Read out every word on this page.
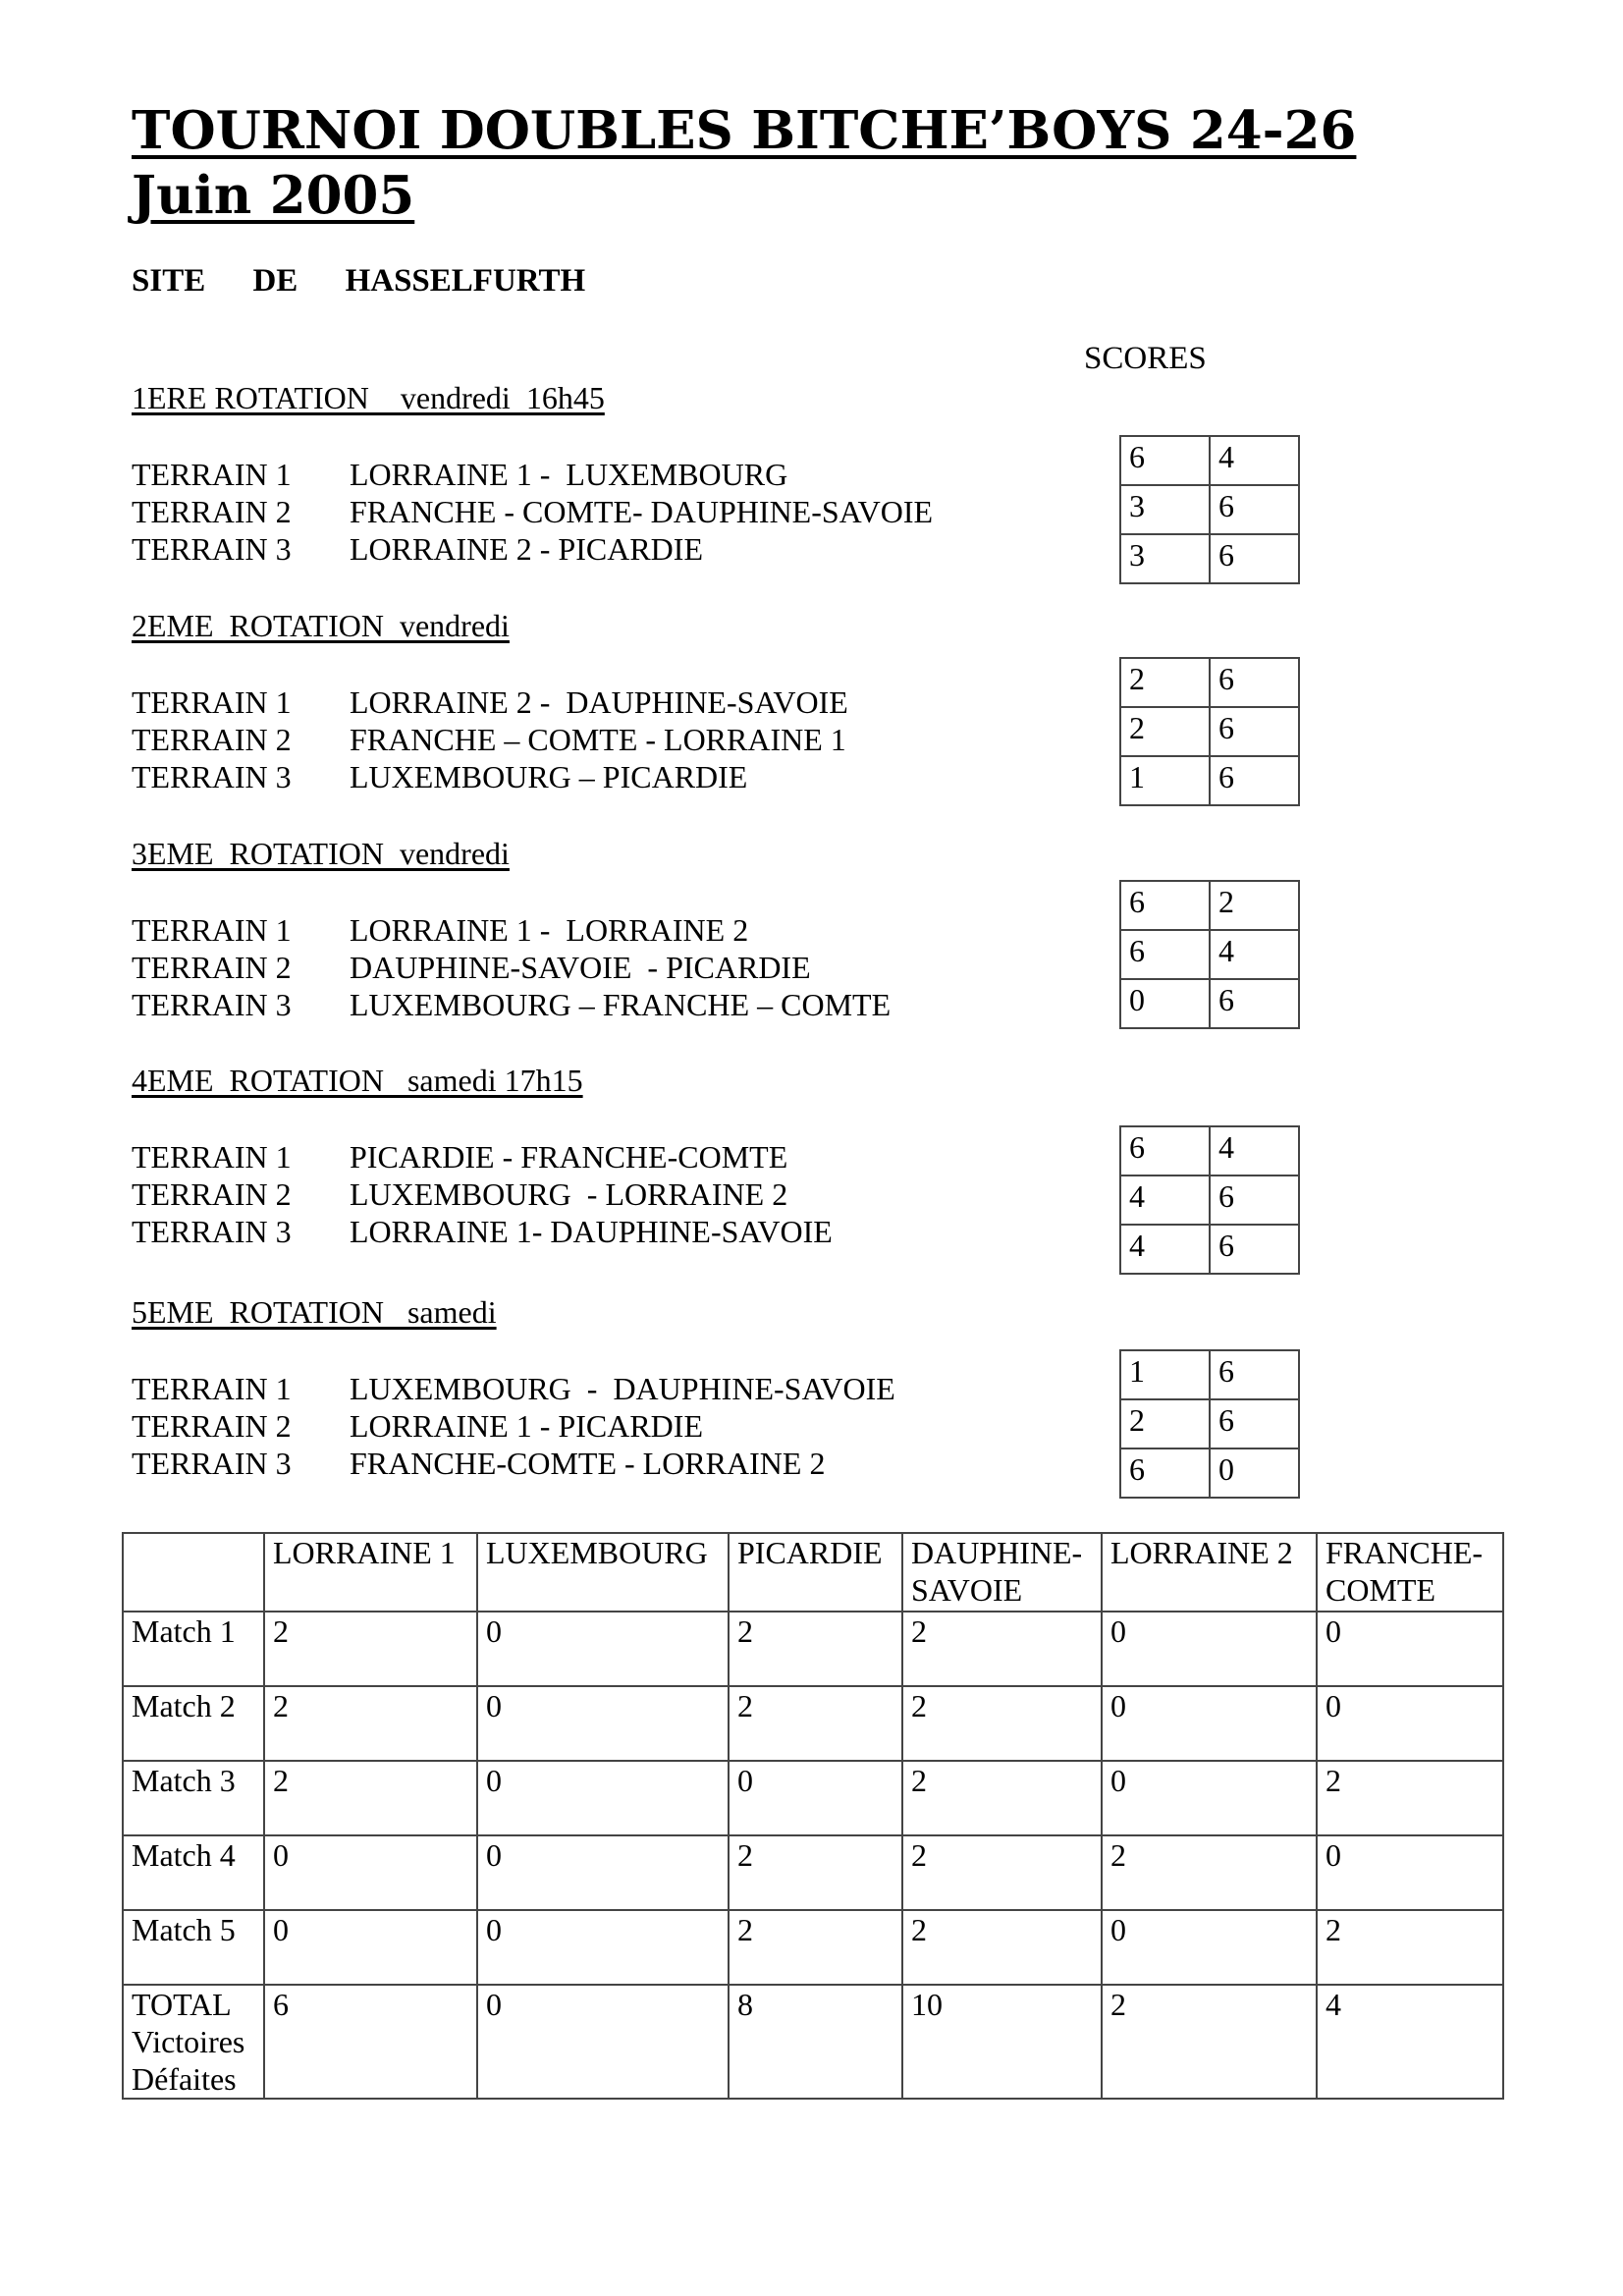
TOURNOI DOUBLES BITCHE’BOYS 24-26
Juin 2005
SITE DE HASSELFURTH
SCORES
1ERE ROTATION    vendredi  16h45
TERRAIN 1	LORRAINE 1 -  LUXEMBOURG
TERRAIN 2	FRANCHE - COMTE- DAUPHINE-SAVOIE
TERRAIN 3	LORRAINE 2 - PICARDIE
6	4
3	6
3	6
2EME  ROTATION  vendredi
TERRAIN 1	LORRAINE 2 -  DAUPHINE-SAVOIE
TERRAIN 2	FRANCHE – COMTE - LORRAINE 1
TERRAIN 3	LUXEMBOURG – PICARDIE
2	6
2	6
1	6
3EME  ROTATION  vendredi
TERRAIN 1	LORRAINE 1 -  LORRAINE 2
TERRAIN 2	DAUPHINE-SAVOIE  - PICARDIE
TERRAIN 3	LUXEMBOURG – FRANCHE – COMTE
6	2
6	4
0	6
4EME  ROTATION   samedi 17h15
TERRAIN 1	PICARDIE - FRANCHE-COMTE
TERRAIN 2	LUXEMBOURG  - LORRAINE 2
TERRAIN 3	LORRAINE 1- DAUPHINE-SAVOIE
6	4
4	6
4	6
5EME  ROTATION   samedi
TERRAIN 1	LUXEMBOURG  -  DAUPHINE-SAVOIE
TERRAIN 2	LORRAINE 1 - PICARDIE
TERRAIN 3	FRANCHE-COMTE - LORRAINE 2
1	6
2	6
6	0
	LORRAINE 1	LUXEMBOURG	PICARDIE	DAUPHINE-SAVOIE	LORRAINE 2	FRANCHE-COMTE
Match 1	2	0	2	2	0	0
Match 2	2	0	2	2	0	0
Match 3	2	0	0	2	0	2
Match 4	0	0	2	2	2	0
Match 5	0	0	2	2	0	2

TOTAL
Victoires
Défaites	6	0	8	10	2	4
